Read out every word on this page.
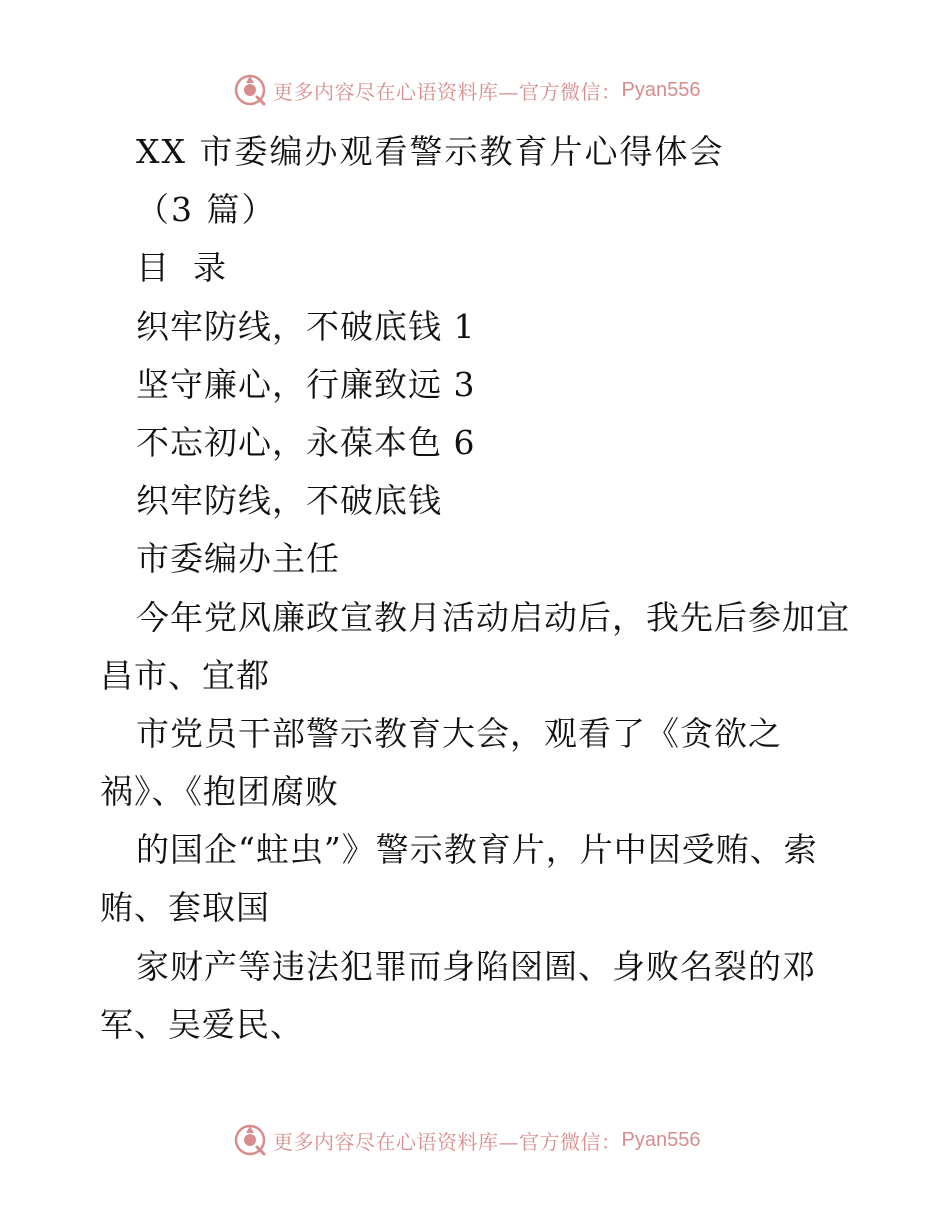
更多内容尽在心语资料库—官方微信： Pyan556
XX 市委编办观看警示教育片心得体会
（3 篇）
目  录
织牢防线，不破底钱 1
坚守廉心，行廉致远 3
不忘初心，永葆本色 6
织牢防线，不破底钱
市委编办主任
今年党风廉政宣教月活动启动后，我先后参加宜
昌市、宜都
市党员干部警示教育大会，观看了《贪欲之
祸》、《抱团腐败
的国企“蛀虫”》警示教育片，片中因受贿、索
贿、套取国
家财产等违法犯罪而身陷囹圄、身败名裂的邓
军、吴爱民、
更多内容尽在心语资料库—官方微信： Pyan556
